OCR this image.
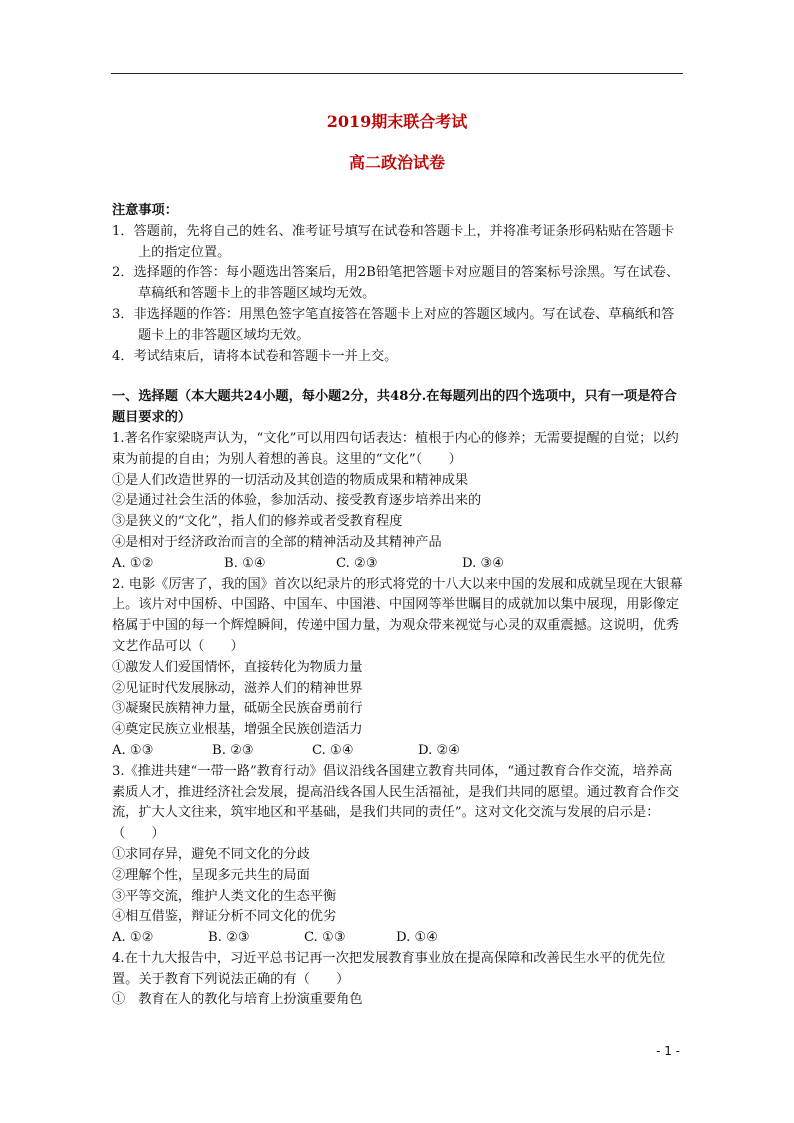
2019期末联合考试
高二政治试卷

注意事项：

1．答题前，先将自己的姓名、准考证号填写在试卷和答题卡上，并将准考证条形码粘贴在答题卡上的指定位置。

2．选择题的作答：每小题选出答案后，用2B铅笔把答题卡对应题目的答案标号涂黑。写在试卷、草稿纸和答题卡上的非答题区域均无效。

3．非选择题的作答：用黑色签字笔直接答在答题卡上对应的答题区域内。写在试卷、草稿纸和答题卡上的非答题区域均无效。

4．考试结束后，请将本试卷和答题卡一并上交。

一、选择题（本大题共24小题，每小题2分，共48分.在每题列出的四个选项中，只有一项是符合题目要求的）

1.著名作家梁晓声认为，“文化”可以用四句话表达：植根于内心的修养；无需要提醒的自觉；以约束为前提的自由；为别人着想的善良。这里的“文化”（　　）

①是人们改造世界的一切活动及其创造的物质成果和精神成果

②是通过社会生活的体验，参加活动、接受教育逐步培养出来的

③是狭义的“文化”，指人们的修养或者受教育程度

④是相对于经济政治而言的全部的精神活动及其精神产品

A. ①②	B. ①④	C. ②③	D. ③④

2. 电影《厉害了，我的国》首次以纪录片的形式将党的十八大以来中国的发展和成就呈现在大银幕上。该片对中国桥、中国路、中国车、中国港、中国网等举世瞩目的成就加以集中展现，用影像定格属于中国的每一个辉煌瞬间，传递中国力量，为观众带来视觉与心灵的双重震撼。这说明，优秀文艺作品可以（　　）

①激发人们爱国情怀，直接转化为物质力量

②见证时代发展脉动，滋养人们的精神世界

③凝聚民族精神力量，砥砺全民族奋勇前行

④奠定民族立业根基，增强全民族创造活力

A. ①③	B. ②③	C. ①④	D. ②④

3.《推进共建“一带一路”教育行动》倡议沿线各国建立教育共同体，“通过教育合作交流，培养高素质人才，推进经济社会发展，提高沿线各国人民生活福祉，是我们共同的愿望。通过教育合作交流，扩大人文往来，筑牢地区和平基础，是我们共同的责任”。这对文化交流与发展的启示是：（　　）

①求同存异，避免不同文化的分歧

②理解个性，呈现多元共生的局面

③平等交流，维护人类文化的生态平衡

④相互借鉴，辩证分析不同文化的优劣

A. ①②	B. ②③	C. ①③	D. ①④

4.在十九大报告中，习近平总书记再一次把发展教育事业放在提高保障和改善民生水平的优先位置。关于教育下列说法正确的有（　　）

①　教育在人的教化与培育上扮演重要角色

- 1 -
